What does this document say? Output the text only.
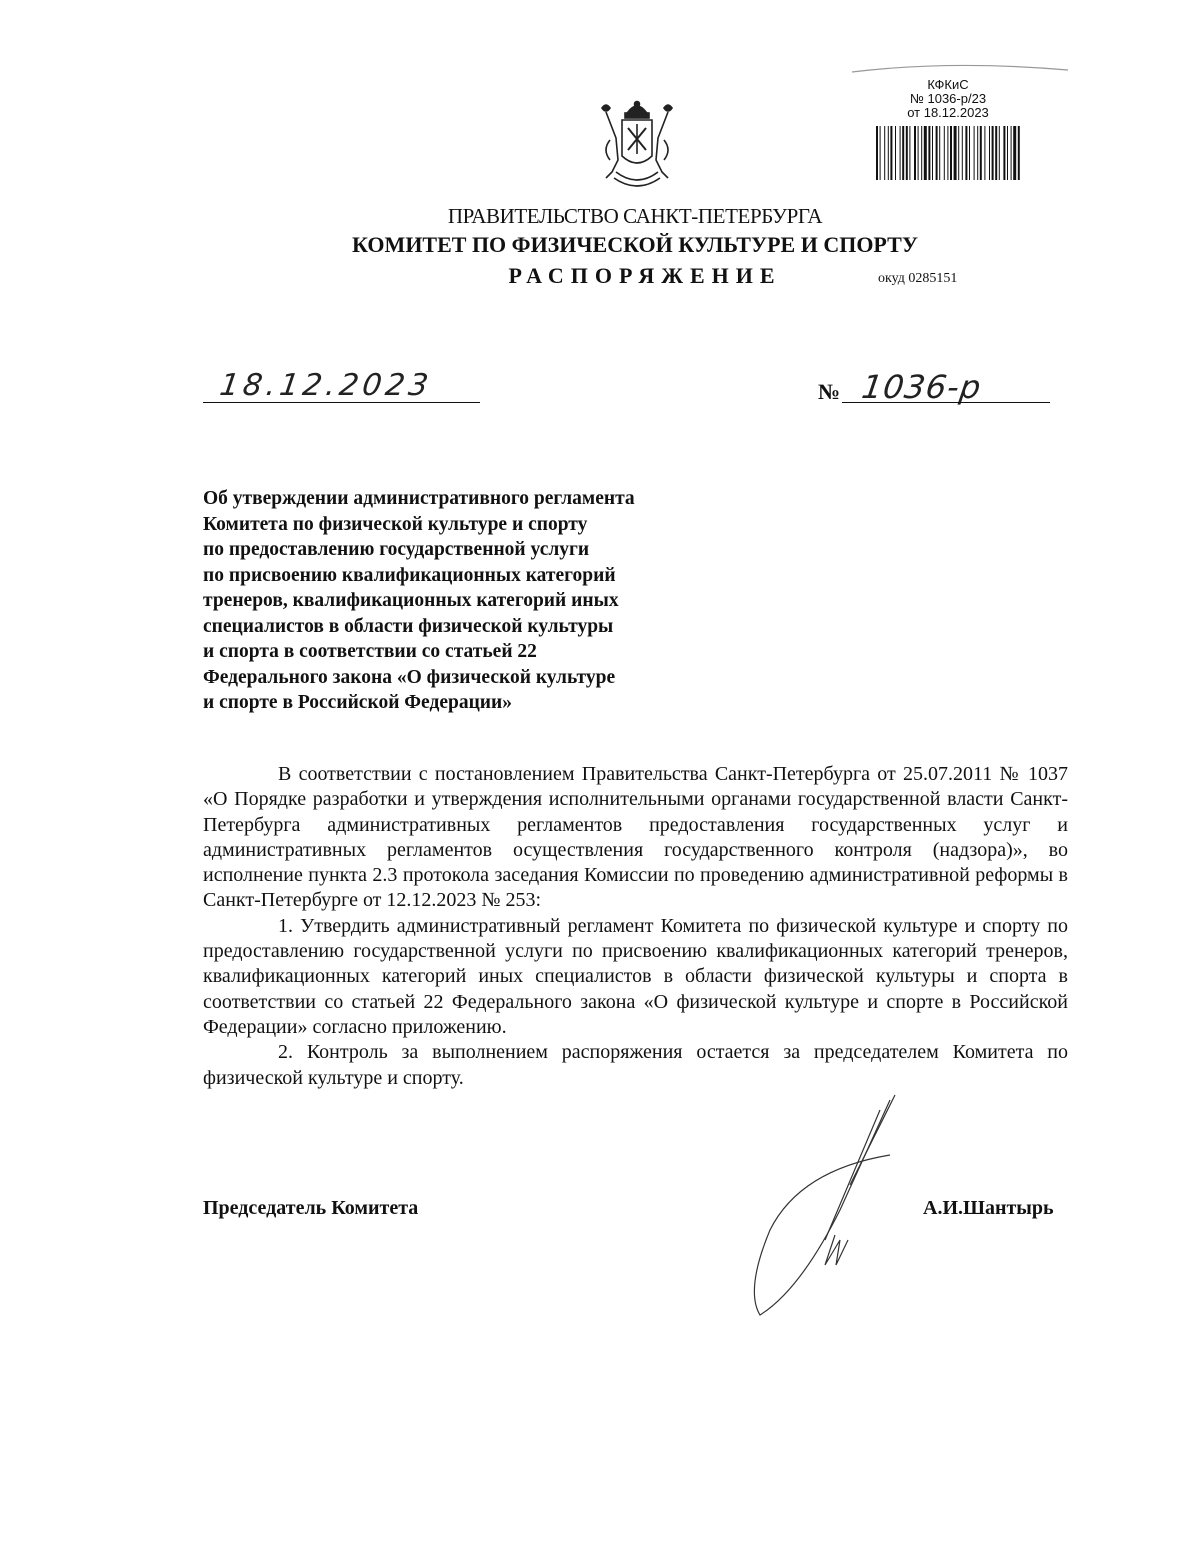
КФКиС
№ 1036-р/23
от 18.12.2023
ПРАВИТЕЛЬСТВО САНКТ-ПЕТЕРБУРГА
КОМИТЕТ ПО ФИЗИЧЕСКОЙ КУЛЬТУРЕ И СПОРТУ
РАСПОРЯЖЕНИЕ	окуд 0285151
18.12.2023	№ 1036-р
Об утверждении административного регламента
Комитета по физической культуре и спорту
по предоставлению государственной услуги
по присвоению квалификационных категорий
тренеров, квалификационных категорий иных
специалистов в области физической культуры
и спорта в соответствии со статьей 22
Федерального закона «О физической культуре
и спорте в Российской Федерации»

В соответствии с постановлением Правительства Санкт-Петербурга от 25.07.2011 № 1037 «О Порядке разработки и утверждения исполнительными органами государственной власти Санкт-Петербурга административных регламентов предоставления государственных услуг и административных регламентов осуществления государственного контроля (надзора)», во исполнение пункта 2.3 протокола заседания Комиссии по проведению административной реформы в Санкт-Петербурге от 12.12.2023 № 253:

1. Утвердить административный регламент Комитета по физической культуре и спорту по предоставлению государственной услуги по присвоению квалификационных категорий тренеров, квалификационных категорий иных специалистов в области физической культуры и спорта в соответствии со статьей 22 Федерального закона «О физической культуре и спорте в Российской Федерации» согласно приложению.

2. Контроль за выполнением распоряжения остается за председателем Комитета по физической культуре и спорту.

Председатель Комитета	А.И.Шантырь
